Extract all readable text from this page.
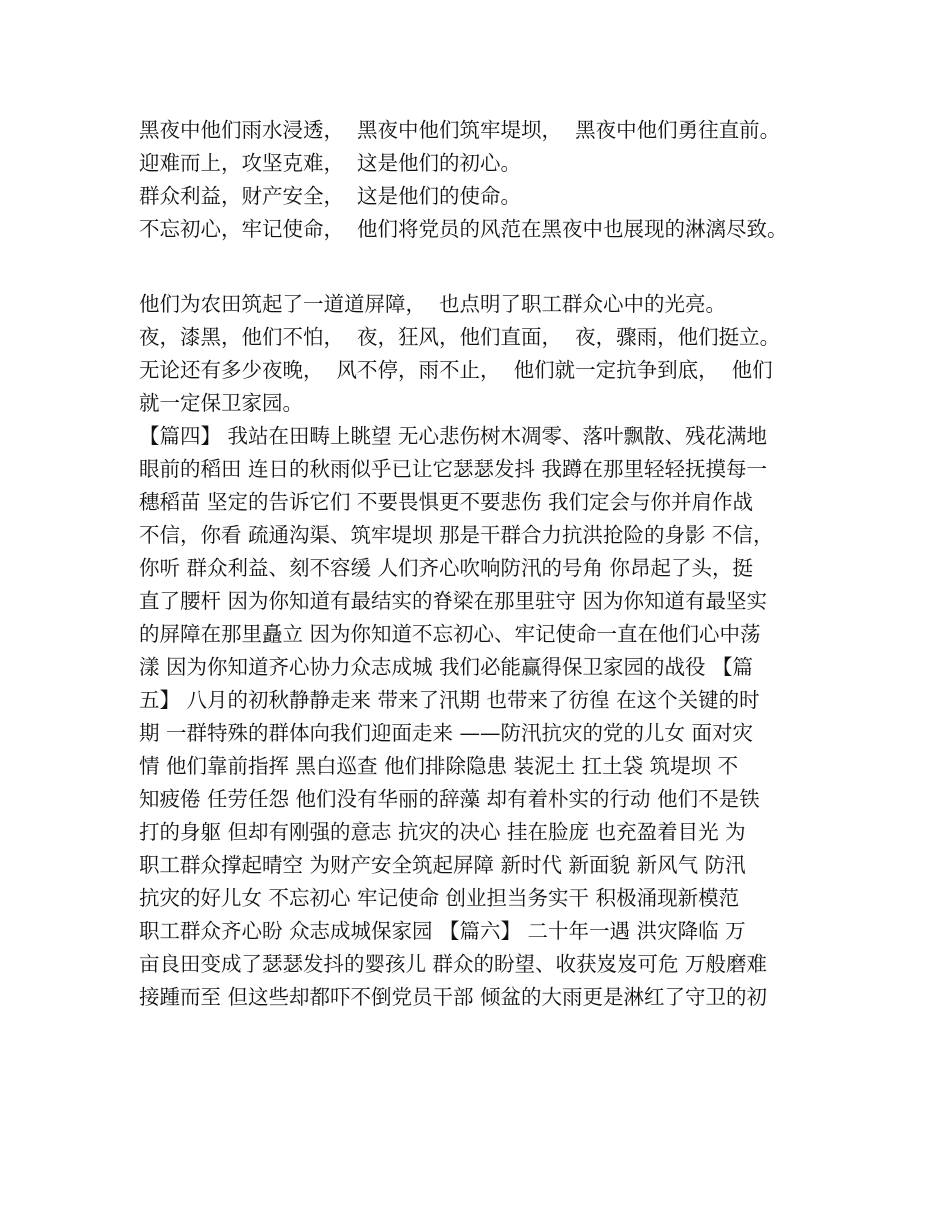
黑夜中他们雨水浸透，  黑夜中他们筑牢堤坝，  黑夜中他们勇往直前。
迎难而上，攻坚克难，  这是他们的初心。
群众利益，财产安全，  这是他们的使命。
不忘初心，牢记使命，  他们将党员的风范在黑夜中也展现的淋漓尽致。
他们为农田筑起了一道道屏障，  也点明了职工群众心中的光亮。
夜，漆黑，他们不怕，  夜，狂风，他们直面，  夜，骤雨，他们挺立。
无论还有多少夜晚，  风不停，雨不止，  他们就一定抗争到底，  他们
就一定保卫家园。
【篇四】 我站在田畴上眺望 无心悲伤树木凋零、落叶飘散、残花满地
眼前的稻田 连日的秋雨似乎已让它瑟瑟发抖 我蹲在那里轻轻抚摸每一
穗稻苗 坚定的告诉它们 不要畏惧更不要悲伤 我们定会与你并肩作战
不信，你看 疏通沟渠、筑牢堤坝 那是干群合力抗洪抢险的身影 不信，
你听 群众利益、刻不容缓 人们齐心吹响防汛的号角 你昂起了头，挺
直了腰杆 因为你知道有最结实的脊梁在那里驻守 因为你知道有最坚实
的屏障在那里矗立 因为你知道不忘初心、牢记使命一直在他们心中荡
漾 因为你知道齐心协力众志成城 我们必能赢得保卫家园的战役 【篇
五】 八月的初秋静静走来 带来了汛期 也带来了彷徨 在这个关键的时
期 一群特殊的群体向我们迎面走来 ——防汛抗灾的党的儿女 面对灾
情 他们靠前指挥 黑白巡查 他们排除隐患 装泥土 扛土袋 筑堤坝 不
知疲倦 任劳任怨 他们没有华丽的辞藻 却有着朴实的行动 他们不是铁
打的身躯 但却有刚强的意志 抗灾的决心 挂在脸庞 也充盈着目光 为
职工群众撑起晴空 为财产安全筑起屏障 新时代 新面貌 新风气 防汛
抗灾的好儿女 不忘初心 牢记使命 创业担当务实干 积极涌现新模范
职工群众齐心盼 众志成城保家园 【篇六】 二十年一遇 洪灾降临 万
亩良田变成了瑟瑟发抖的婴孩儿 群众的盼望、收获岌岌可危 万般磨难
接踵而至 但这些却都吓不倒党员干部 倾盆的大雨更是淋红了守卫的初
